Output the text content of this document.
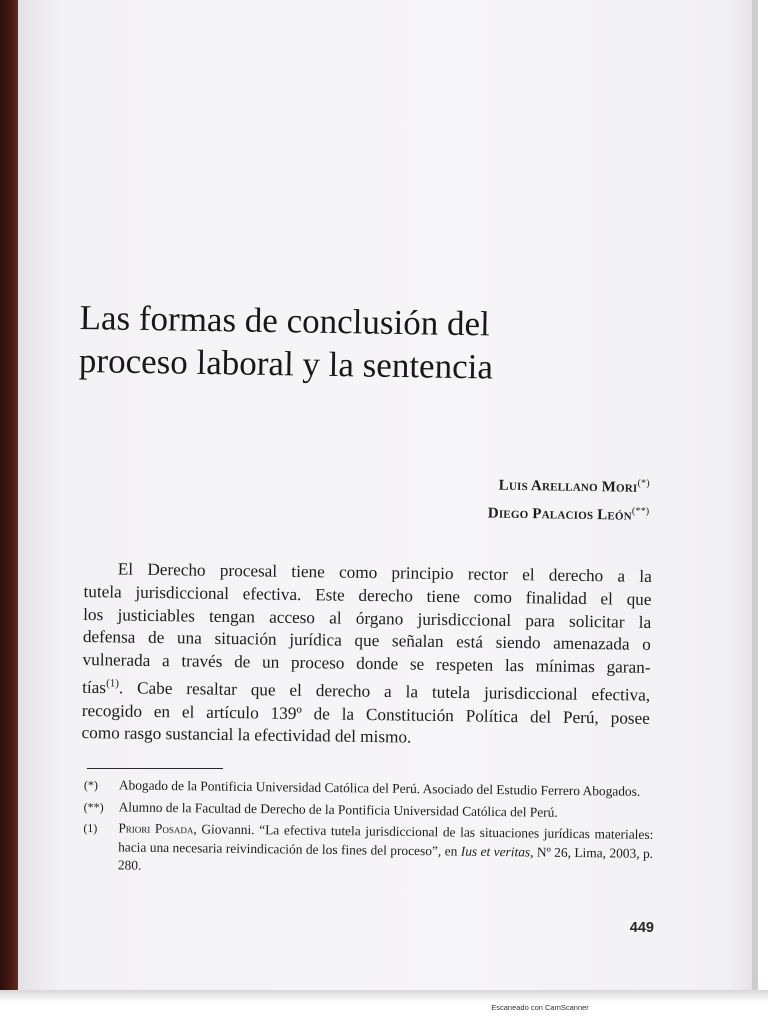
Las formas de conclusión del
proceso laboral y la sentencia
Luis Arellano Mori(*)
Diego Palacios León(**)
El Derecho procesal tiene como principio rector el derecho a la
tutela jurisdiccional efectiva. Este derecho tiene como finalidad el que
los justiciables tengan acceso al órgano jurisdiccional para solicitar la
defensa de una situación jurídica que señalan está siendo amenazada o
vulnerada a través de un proceso donde se respeten las mínimas garan-
tías$^{(1)}$. Cabe resaltar que el derecho a la tutela jurisdiccional efectiva,
recogido en el artículo 139º de la Constitución Política del Perú, posee
como rasgo sustancial la efectividad del mismo.
(*) Abogado de la Pontificia Universidad Católica del Perú. Asociado del Estudio Ferrero Abogados.
(**) Alumno de la Facultad de Derecho de la Pontificia Universidad Católica del Perú.
(1) Priori Posada, Giovanni. “La efectiva tutela jurisdiccional de las situaciones jurídicas materiales: hacia una necesaria reivindicación de los fines del proceso”, en Ius et veritas, Nº 26, Lima, 2003, p. 280.
449
Escaneado con CamScanner
